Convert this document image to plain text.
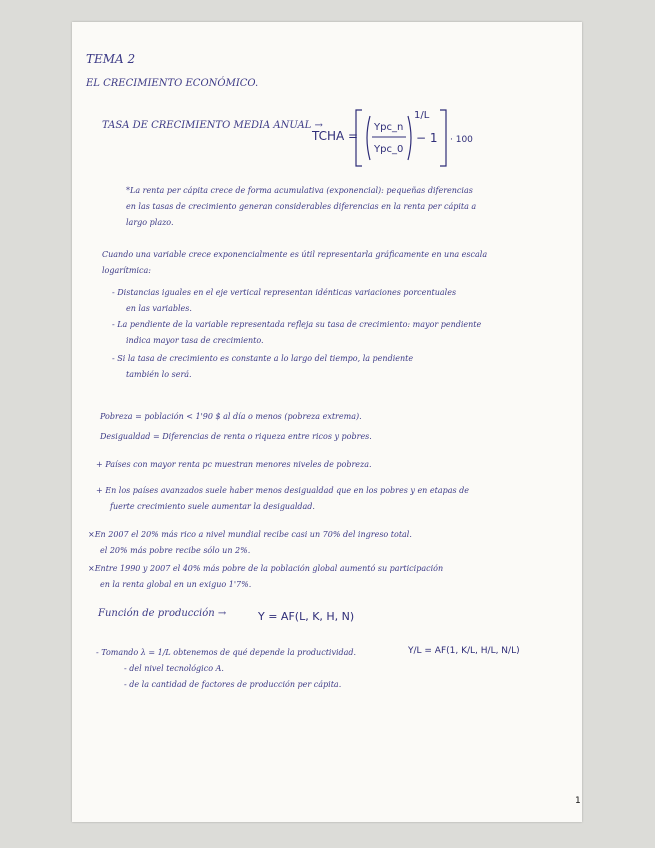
TEMA 2
EL CRECIMIENTO ECONÓMICO.
TASA DE CRECIMIENTO MEDIA ANUAL →
TCHA =
Ypc_n
Ypc_0
1/L
− 1 · 100
*La renta per cápita crece de forma acumulativa (exponencial): pequeñas diferencias
en las tasas de crecimiento generan considerables diferencias en la renta per cápita a
largo plazo.
Cuando una variable crece exponencialmente es útil representarla gráficamente en una escala
logarítmica:
- Distancias iguales en el eje vertical representan idénticas variaciones porcentuales
en las variables.
- La pendiente de la variable representada refleja su tasa de crecimiento: mayor pendiente
indica mayor tasa de crecimiento.
- Si la tasa de crecimiento es constante a lo largo del tiempo, la pendiente
también lo será.
Pobreza = población < 1'90 $ al día o menos (pobreza extrema).
Desigualdad = Diferencias de renta o riqueza entre ricos y pobres.
+ Países con mayor renta pc muestran menores niveles de pobreza.
+ En los países avanzados suele haber menos desigualdad que en los pobres y en etapas de
fuerte crecimiento suele aumentar la desigualdad.
×En 2007 el 20% más rico a nivel mundial recibe casi un 70% del ingreso total.
el 20% más pobre recibe sólo un 2%.
×Entre 1990 y 2007 el 40% más pobre de la población global aumentó su participación
en la renta global en un exiguo 1'7%.
Función de producción →	Y = AF(L, K, H, N)
- Tomando λ = 1/L obtenemos de qué depende la productividad.	Y/L = AF(1, K/L, H/L, N/L)
- del nivel tecnológico A.
- de la cantidad de factores de producción per cápita.
1
